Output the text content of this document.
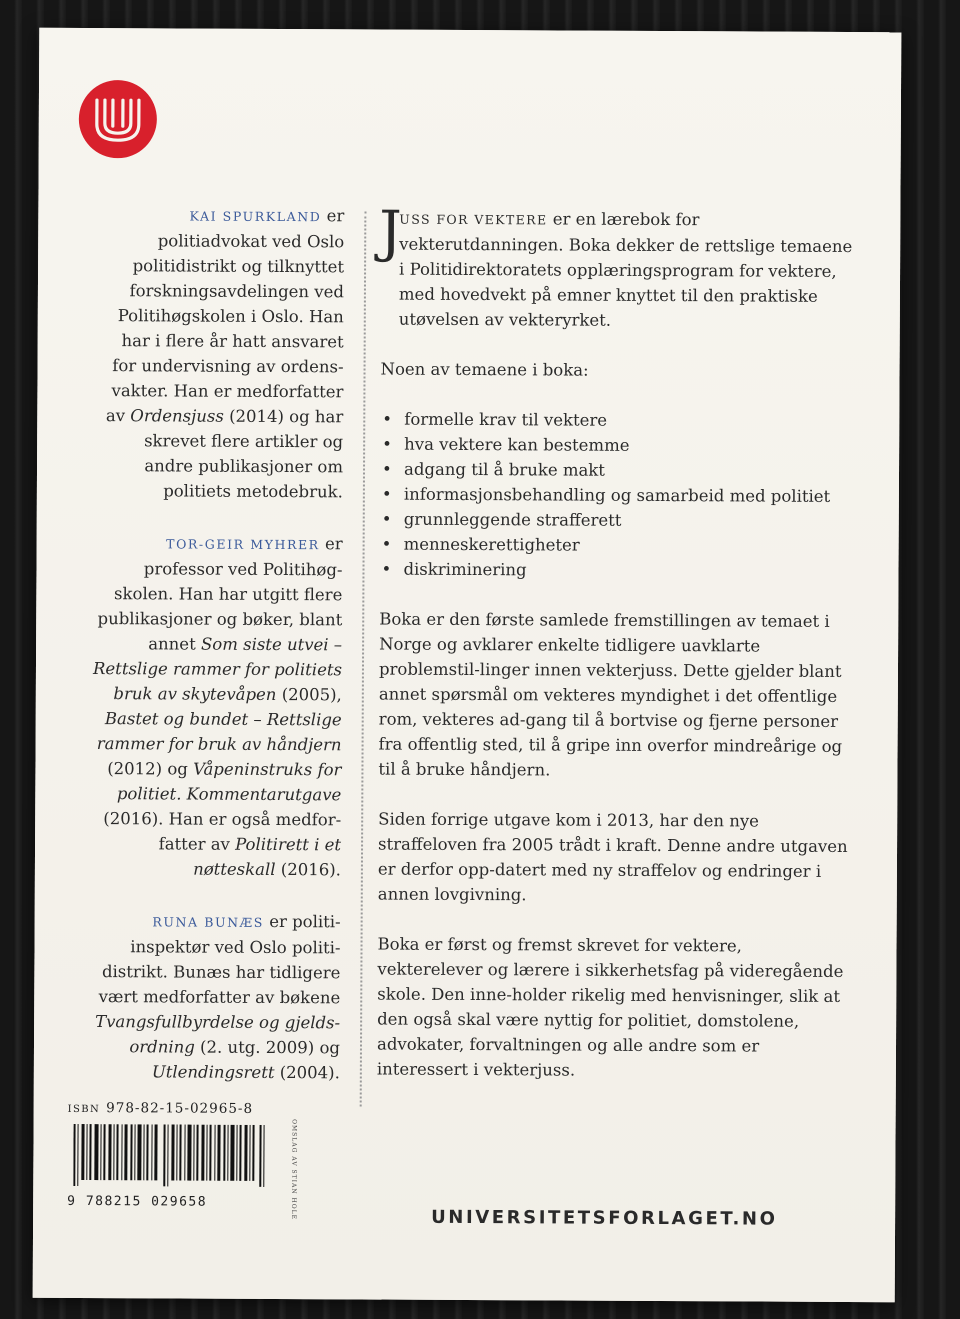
KAI SPURKLAND er
politiadvokat ved Oslo
politidistrikt og tilknyttet
forskningsavdelingen ved
Politihøgskolen i Oslo. Han
har i flere år hatt ansvaret
for undervisning av ordens-
vakter. Han er medforfatter
av Ordensjuss (2014) og har
skrevet flere artikler og
andre publikasjoner om
politiets metodebruk.

TOR-GEIR MYHRER er professor ved Politihøg-skolen. Han har utgitt flere publikasjoner og bøker, blant annet Som siste utvei – Rettslige rammer for politiets bruk av skytevåpen (2005), Bastet og bundet – Rettslige rammer for bruk av håndjern (2012) og Våpeninstruks for politiet. Kommentarutgave (2016). Han er også medfor-fatter av Politirett i et nøtteskall (2016).

RUNA BUNÆS er politi-inspektør ved Oslo politi-distrikt. Bunæs har tidligere vært medforfatter av bøkene Tvangsfullbyrdelse og gjelds-ordning (2. utg. 2009) og Utlendingsrett (2004).

J
USS FOR VEKTERE er en lærebok for vekterutdanningen. Boka dekker de rettslige temaene i Politidirektoratets opplæringsprogram for vektere, med hovedvekt på emner knyttet til den praktiske utøvelsen av vekteryrket.

Noen av temaene i boka:

• formelle krav til vektere
• hva vektere kan bestemme
• adgang til å bruke makt
• informasjonsbehandling og samarbeid med politiet
• grunnleggende strafferett
• menneskerettigheter
• diskriminering

Boka er den første samlede fremstillingen av temaet i Norge og avklarer enkelte tidligere uavklarte problemstil-linger innen vekterjuss. Dette gjelder blant annet spørsmål om vekteres myndighet i det offentlige rom, vekteres ad-gang til å bortvise og fjerne personer fra offentlig sted, til å gripe inn overfor mindreårige og til å bruke håndjern.

Siden forrige utgave kom i 2013, har den nye straffeloven fra 2005 trådt i kraft. Denne andre utgaven er derfor opp-datert med ny straffelov og endringer i annen lovgivning.

Boka er først og fremst skrevet for vektere, vekterelever og lærere i sikkerhetsfag på videregående skole. Den inne-holder rikelig med henvisninger, slik at den også skal være nyttig for politiet, domstolene, advokater, forvaltningen og alle andre som er interessert i vekterjuss.

ISBN 978-82-15-02965-8
9 788215 029658	OMSLAG AV STIAN HOLE	UNIVERSITETSFORLAGET.NO
